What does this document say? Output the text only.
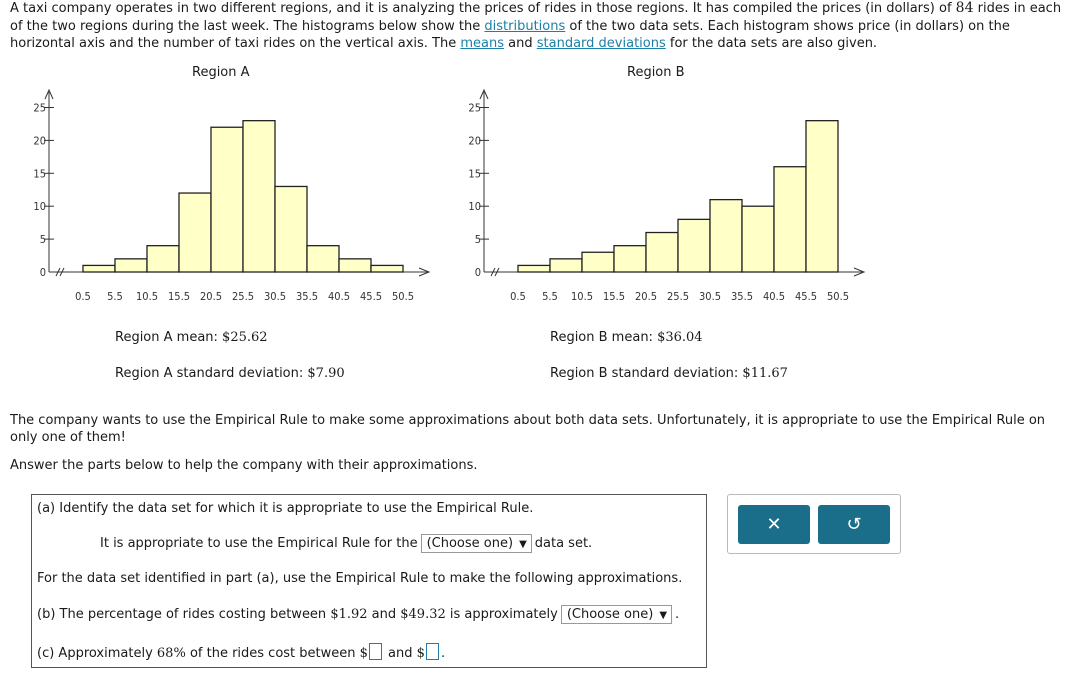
A taxi company operates in two different regions, and it is analyzing the prices of rides in those regions. It has compiled the prices (in dollars) of 84 rides in each of the two regions during the last week. The histograms below show the distributions of the two data sets. Each histogram shows price (in dollars) on the horizontal axis and the number of taxi rides on the vertical axis. The means and standard deviations for the data sets are also given.
Region A	Region B
0
5
10
15
20
25
0.5 5.5 10.5 15.5 20.5 25.5 30.5 35.5 40.5 45.5 50.5
0
5
10
15
20
25
0.5 5.5 10.5 15.5 20.5 25.5 30.5 35.5 40.5 45.5 50.5
Region A mean: $25.62
Region A standard deviation: $7.90
Region B mean: $36.04
Region B standard deviation: $11.67
The company wants to use the Empirical Rule to make some approximations about both data sets. Unfortunately, it is appropriate to use the Empirical Rule on only one of them!
Answer the parts below to help the company with their approximations.
(a) Identify the data set for which it is appropriate to use the Empirical Rule.
It is appropriate to use the Empirical Rule for the (Choose one) ▼ data set.
For the data set identified in part (a), use the Empirical Rule to make the following approximations.
(b) The percentage of rides costing between $1.92 and $49.32 is approximately (Choose one) ▼ .
(c) Approximately 68% of the rides cost between $ and $ .
✕	↺
